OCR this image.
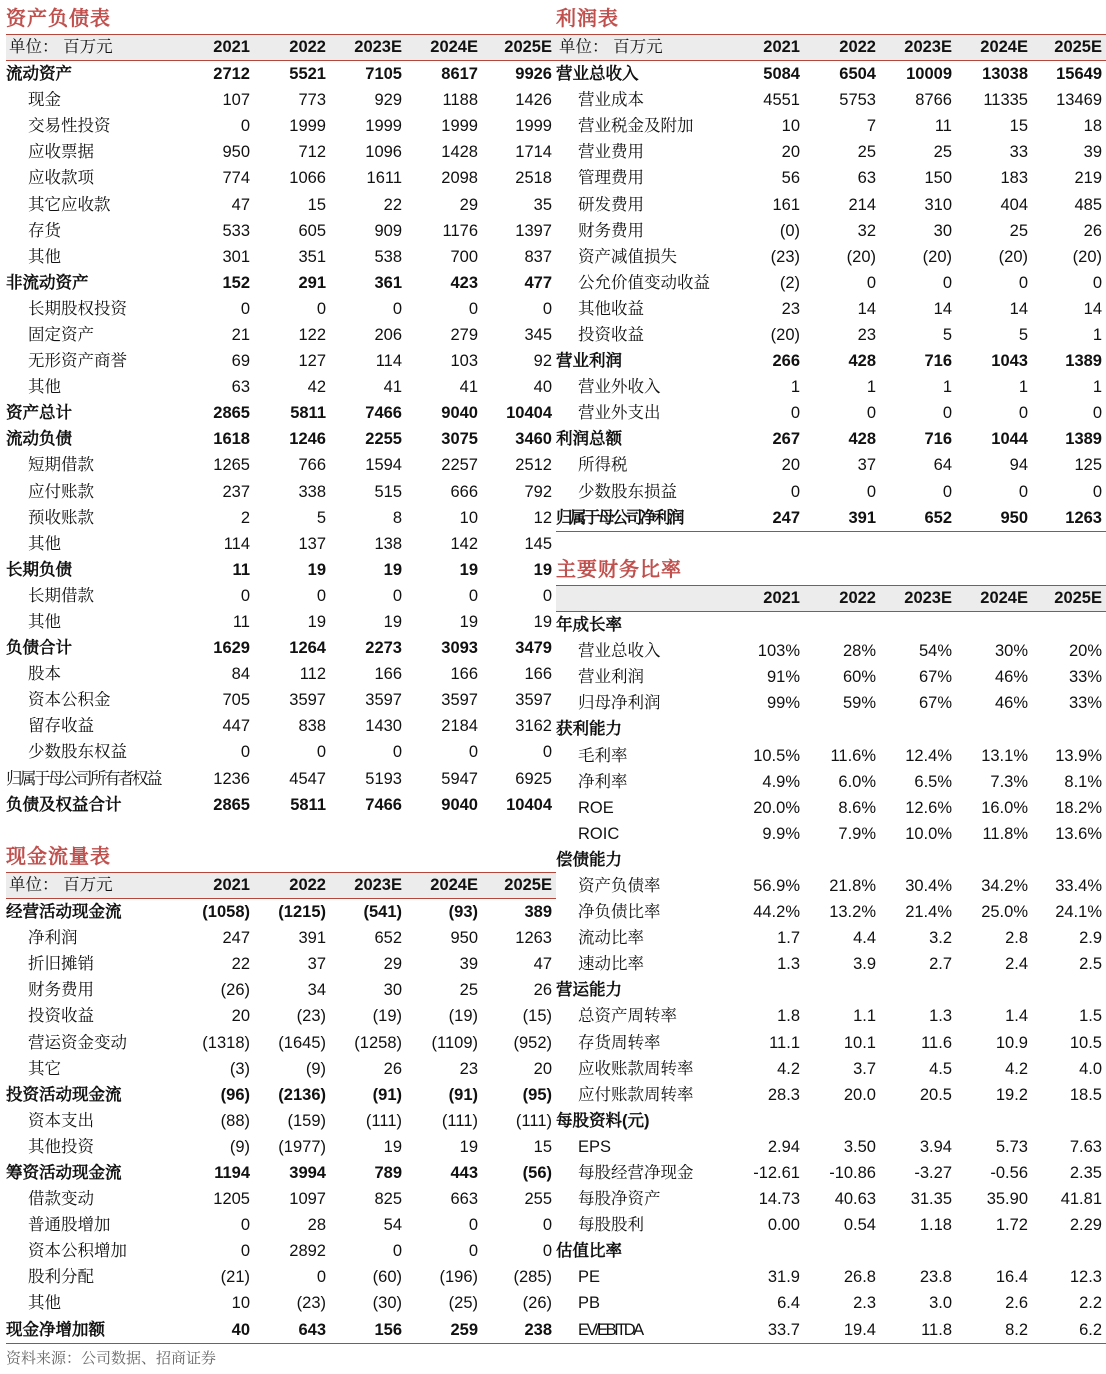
资产负债表
单位： 百万元	2021	2022	2023E	2024E	2025E
流动资产	2712	5521	7105	8617	9926
现金	107	773	929	1188	1426
交易性投资	0	1999	1999	1999	1999
应收票据	950	712	1096	1428	1714
应收款项	774	1066	1611	2098	2518
其它应收款	47	15	22	29	35
存货	533	605	909	1176	1397
其他	301	351	538	700	837
非流动资产	152	291	361	423	477
长期股权投资	0	0	0	0	0
固定资产	21	122	206	279	345
无形资产商誉	69	127	114	103	92
其他	63	42	41	41	40
资产总计	2865	5811	7466	9040	10404
流动负债	1618	1246	2255	3075	3460
短期借款	1265	766	1594	2257	2512
应付账款	237	338	515	666	792
预收账款	2	5	8	10	12
其他	114	137	138	142	145
长期负债	11	19	19	19	19
长期借款	0	0	0	0	0
其他	11	19	19	19	19
负债合计	1629	1264	2273	3093	3479
股本	84	112	166	166	166
资本公积金	705	3597	3597	3597	3597
留存收益	447	838	1430	2184	3162
少数股东权益	0	0	0	0	0
归属于母公司所有者权益	1236	4547	5193	5947	6925
负债及权益合计	2865	5811	7466	9040	10404
利润表
单位： 百万元	2021	2022	2023E	2024E	2025E
营业总收入	5084	6504	10009	13038	15649
营业成本	4551	5753	8766	11335	13469
营业税金及附加	10	7	11	15	18
营业费用	20	25	25	33	39
管理费用	56	63	150	183	219
研发费用	161	214	310	404	485
财务费用	(0)	32	30	25	26
资产减值损失	(23)	(20)	(20)	(20)	(20)
公允价值变动收益	(2)	0	0	0	0
其他收益	23	14	14	14	14
投资收益	(20)	23	5	5	1
营业利润	266	428	716	1043	1389
营业外收入	1	1	1	1	1
营业外支出	0	0	0	0	0
利润总额	267	428	716	1044	1389
所得税	20	37	64	94	125
少数股东损益	0	0	0	0	0
归属于母公司净利润	247	391	652	950	1263
现金流量表
单位： 百万元	2021	2022	2023E	2024E	2025E
经营活动现金流	(1058)	(1215)	(541)	(93)	389
净利润	247	391	652	950	1263
折旧摊销	22	37	29	39	47
财务费用	(26)	34	30	25	26
投资收益	20	(23)	(19)	(19)	(15)
营运资金变动	(1318)	(1645)	(1258)	(1109)	(952)
其它	(3)	(9)	26	23	20
投资活动现金流	(96)	(2136)	(91)	(91)	(95)
资本支出	(88)	(159)	(111)	(111)	(111)
其他投资	(9)	(1977)	19	19	15
筹资活动现金流	1194	3994	789	443	(56)
借款变动	1205	1097	825	663	255
普通股增加	0	28	54	0	0
资本公积增加	0	2892	0	0	0
股利分配	(21)	0	(60)	(196)	(285)
其他	10	(23)	(30)	(25)	(26)
现金净增加额	40	643	156	259	238
主要财务比率
	2021	2022	2023E	2024E	2025E
年成长率					
营业总收入	103%	28%	54%	30%	20%
营业利润	91%	60%	67%	46%	33%
归母净利润	99%	59%	67%	46%	33%
获利能力					
毛利率	10.5%	11.6%	12.4%	13.1%	13.9%
净利率	4.9%	6.0%	6.5%	7.3%	8.1%
ROE	20.0%	8.6%	12.6%	16.0%	18.2%
ROIC	9.9%	7.9%	10.0%	11.8%	13.6%
偿债能力					
资产负债率	56.9%	21.8%	30.4%	34.2%	33.4%
净负债比率	44.2%	13.2%	21.4%	25.0%	24.1%
流动比率	1.7	4.4	3.2	2.8	2.9
速动比率	1.3	3.9	2.7	2.4	2.5
营运能力					
总资产周转率	1.8	1.1	1.3	1.4	1.5
存货周转率	11.1	10.1	11.6	10.9	10.5
应收账款周转率	4.2	3.7	4.5	4.2	4.0
应付账款周转率	28.3	20.0	20.5	19.2	18.5
每股资料(元)					
EPS	2.94	3.50	3.94	5.73	7.63
每股经营净现金	-12.61	-10.86	-3.27	-0.56	2.35
每股净资产	14.73	40.63	31.35	35.90	41.81
每股股利	0.00	0.54	1.18	1.72	2.29
估值比率					
PE	31.9	26.8	23.8	16.4	12.3
PB	6.4	2.3	3.0	2.6	2.2
EV/EBITDA	33.7	19.4	11.8	8.2	6.2
资料来源：公司数据、招商证券
